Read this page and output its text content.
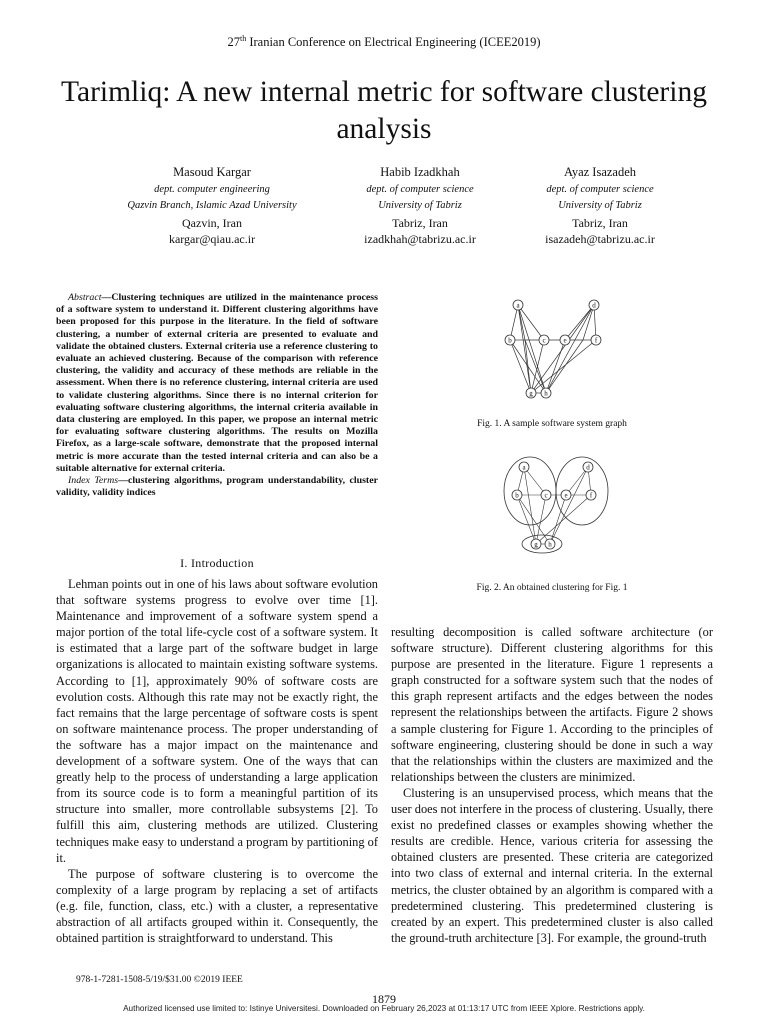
27th Iranian Conference on Electrical Engineering (ICEE2019)
Tarimliq: A new internal metric for software clustering analysis
Masoud Kargar
dept. computer engineering
Qazvin Branch, Islamic Azad University
Qazvin, Iran
kargar@qiau.ac.ir
Habib Izadkhah
dept. of computer science
University of Tabriz
Tabriz, Iran
izadkhah@tabrizu.ac.ir
Ayaz Isazadeh
dept. of computer science
University of Tabriz
Tabriz, Iran
isazadeh@tabrizu.ac.ir

Abstract—Clustering techniques are utilized in the maintenance process of a software system to understand it. Different clustering algorithms have been proposed for this purpose in the literature. In the field of software clustering, a number of external criteria are presented to evaluate and validate the obtained clusters. External criteria use a reference clustering to evaluate an achieved clustering. Because of the comparison with reference clustering, the validity and accuracy of these methods are reliable in the assessment. When there is no reference clustering, internal criteria are used to validate clustering algorithms. Since there is no internal criterion for evaluating software clustering algorithms, the internal criteria available in data clustering are employed. In this paper, we propose an internal metric for evaluating software clustering algorithms. The results on Mozilla Firefox, as a large-scale software, demonstrate that the proposed internal metric is more accurate than the tested internal criteria and can also be a suitable alternative for external criteria.

Index Terms—clustering algorithms, program understandability, cluster validity, validity indices

I. Introduction

Lehman points out in one of his laws about software evolution that software systems progress to evolve over time [1]. Maintenance and improvement of a software system spend a major portion of the total life-cycle cost of a software system. It is estimated that a large part of the software budget in large organizations is allocated to maintain existing software systems. According to [1], approximately 90% of software costs are evolution costs. Although this rate may not be exactly right, the fact remains that the large percentage of software costs is spent on software maintenance process. The proper understanding of the software has a major impact on the maintenance and development of a software system. One of the ways that can greatly help to the process of understanding a large application from its source code is to form a meaningful partition of its structure into smaller, more controllable subsystems [2]. To fulfill this aim, clustering methods are utilized. Clustering techniques make easy to understand a program by partitioning of it.

The purpose of software clustering is to overcome the complexity of a large program by replacing a set of artifacts (e.g. file, function, class, etc.) with a cluster, a representative abstraction of all artifacts grouped within it. Consequently, the obtained partition is straightforward to understand. This

resulting decomposition is called software architecture (or software structure). Different clustering algorithms for this purpose are presented in the literature. Figure 1 represents a graph constructed for a software system such that the nodes of this graph represent artifacts and the edges between the nodes represent the relationships between the artifacts. Figure 2 shows a sample clustering for Figure 1. According to the principles of software engineering, clustering should be done in such a way that the relationships within the clusters are maximized and the relationships between the clusters are minimized.

Clustering is an unsupervised process, which means that the user does not interfere in the process of clustering. Usually, there exist no predefined classes or examples showing whether the results are credible. Hence, various criteria for assessing the obtained clusters are presented. These criteria are categorized into two class of external and internal criteria. In the external metrics, the cluster obtained by an algorithm is compared with a predetermined clustering. This predetermined clustering is created by an expert. This predetermined cluster is also called the ground-truth architecture [3]. For example, the ground-truth

a	d
b	c	e	f
g h
Fig. 1. A sample software system graph
a	d
b	c e	f
g h
Fig. 2. An obtained clustering for Fig. 1
978-1-7281-1508-5/19/$31.00 ©2019 IEEE
1879
Authorized licensed use limited to: Istinye Universitesi. Downloaded on February 26,2023 at 01:13:17 UTC from IEEE Xplore. Restrictions apply.
